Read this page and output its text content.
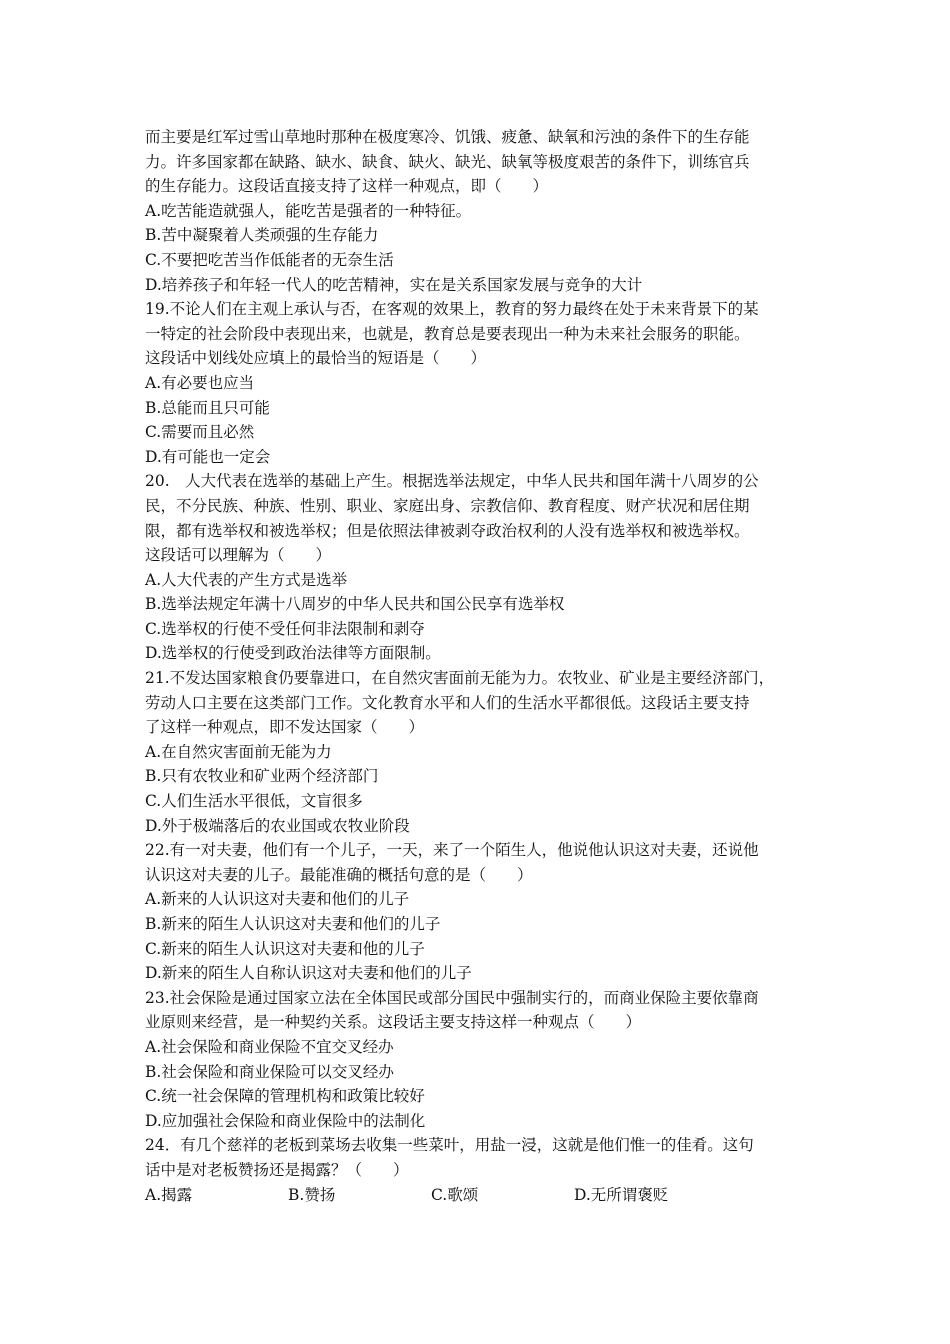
而主要是红军过雪山草地时那种在极度寒冷、饥饿、疲惫、缺氧和污浊的条件下的生存能

力。许多国家都在缺路、缺水、缺食、缺火、缺光、缺氧等极度艰苦的条件下，训练官兵

的生存能力。这段话直接支持了这样一种观点，即（　　）

A.吃苦能造就强人，能吃苦是强者的一种特征。

B.苦中凝聚着人类顽强的生存能力

C.不要把吃苦当作低能者的无奈生活

D.培养孩子和年轻一代人的吃苦精神，实在是关系国家发展与竞争的大计

19.不论人们在主观上承认与否，在客观的效果上，教育的努力最终在处于未来背景下的某

一特定的社会阶段中表现出来，也就是，教育总是要表现出一种为未来社会服务的职能。

这段话中划线处应填上的最恰当的短语是（　　）

A.有必要也应当

B.总能而且只可能

C.需要而且必然

D.有可能也一定会

20.　人大代表在选举的基础上产生。根据选举法规定，中华人民共和国年满十八周岁的公

民，不分民族、种族、性别、职业、家庭出身、宗教信仰、教育程度、财产状况和居住期

限，都有选举权和被选举权；但是依照法律被剥夺政治权利的人没有选举权和被选举权。

这段话可以理解为（　　）

A.人大代表的产生方式是选举

B.选举法规定年满十八周岁的中华人民共和国公民享有选举权

C.选举权的行使不受任何非法限制和剥夺

D.选举权的行使受到政治法律等方面限制。

21.不发达国家粮食仍要靠进口，在自然灾害面前无能为力。农牧业、矿业是主要经济部门，

劳动人口主要在这类部门工作。文化教育水平和人们的生活水平都很低。这段话主要支持

了这样一种观点，即不发达国家（　　）

A.在自然灾害面前无能为力

B.只有农牧业和矿业两个经济部门

C.人们生活水平很低，文盲很多

D.外于极端落后的农业国或农牧业阶段

22.有一对夫妻，他们有一个儿子，一天，来了一个陌生人，他说他认识这对夫妻，还说他

认识这对夫妻的儿子。最能准确的概括句意的是（　　）

A.新来的人认识这对夫妻和他们的儿子

B.新来的陌生人认识这对夫妻和他们的儿子

C.新来的陌生人认识这对夫妻和他的儿子

D.新来的陌生人自称认识这对夫妻和他们的儿子

23.社会保险是通过国家立法在全体国民或部分国民中强制实行的，而商业保险主要依靠商

业原则来经营，是一种契约关系。这段话主要支持这样一种观点（　　）

A.社会保险和商业保险不宜交叉经办

B.社会保险和商业保险可以交叉经办

C.统一社会保障的管理机构和政策比较好

D.应加强社会保险和商业保险中的法制化

24．有几个慈祥的老板到菜场去收集一些菜叶，用盐一浸，这就是他们惟一的佳肴。这句

话中是对老板赞扬还是揭露？（　　）

A.揭露	B.赞扬	C.歌颂	D.无所谓褒贬
